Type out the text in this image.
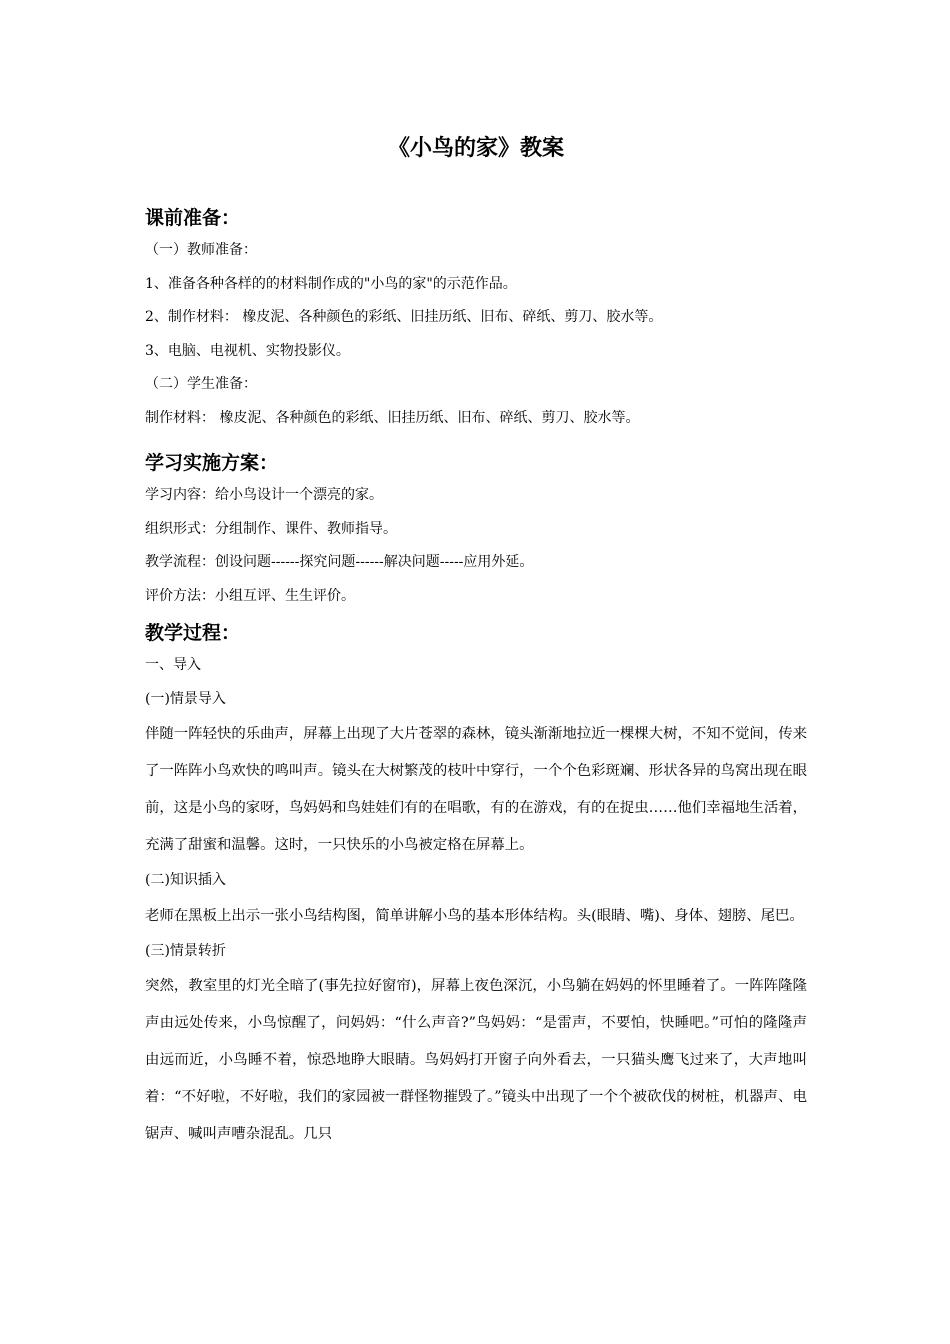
《小鸟的家》教案

课前准备：

（一）教师准备：

1、准备各种各样的的材料制作成的"小鸟的家"的示范作品。

2、制作材料： 橡皮泥、各种颜色的彩纸、旧挂历纸、旧布、碎纸、剪刀、胶水等。

3、电脑、电视机、实物投影仪。

（二）学生准备：

制作材料： 橡皮泥、各种颜色的彩纸、旧挂历纸、旧布、碎纸、剪刀、胶水等。

学习实施方案：

学习内容：给小鸟设计一个漂亮的家。

组织形式：分组制作、课件、教师指导。

教学流程：创设问题------探究问题------解决问题-----应用外延。

评价方法：小组互评、生生评价。

教学过程：

一、导入

(一)情景导入

伴随一阵轻快的乐曲声，屏幕上出现了大片苍翠的森林，镜头渐渐地拉近一棵棵大树，不知不觉间，传来了一阵阵小鸟欢快的鸣叫声。镜头在大树繁茂的枝叶中穿行，一个个色彩斑斓、形状各异的鸟窝出现在眼前，这是小鸟的家呀，鸟妈妈和鸟娃娃们有的在唱歌，有的在游戏，有的在捉虫……他们幸福地生活着，充满了甜蜜和温馨。这时，一只快乐的小鸟被定格在屏幕上。

(二)知识插入

老师在黑板上出示一张小鸟结构图，简单讲解小鸟的基本形体结构。头(眼睛、嘴)、身体、翅膀、尾巴。

(三)情景转折

突然，教室里的灯光全暗了(事先拉好窗帘)，屏幕上夜色深沉，小鸟躺在妈妈的怀里睡着了。一阵阵隆隆声由远处传来，小鸟惊醒了，问妈妈：“什么声音?”鸟妈妈：“是雷声，不要怕，快睡吧。”可怕的隆隆声由远而近，小鸟睡不着，惊恐地睁大眼睛。鸟妈妈打开窗子向外看去，一只猫头鹰飞过来了，大声地叫着：“不好啦，不好啦，我们的家园被一群怪物摧毁了。”镜头中出现了一个个被砍伐的树桩，机器声、电锯声、喊叫声嘈杂混乱。几只
